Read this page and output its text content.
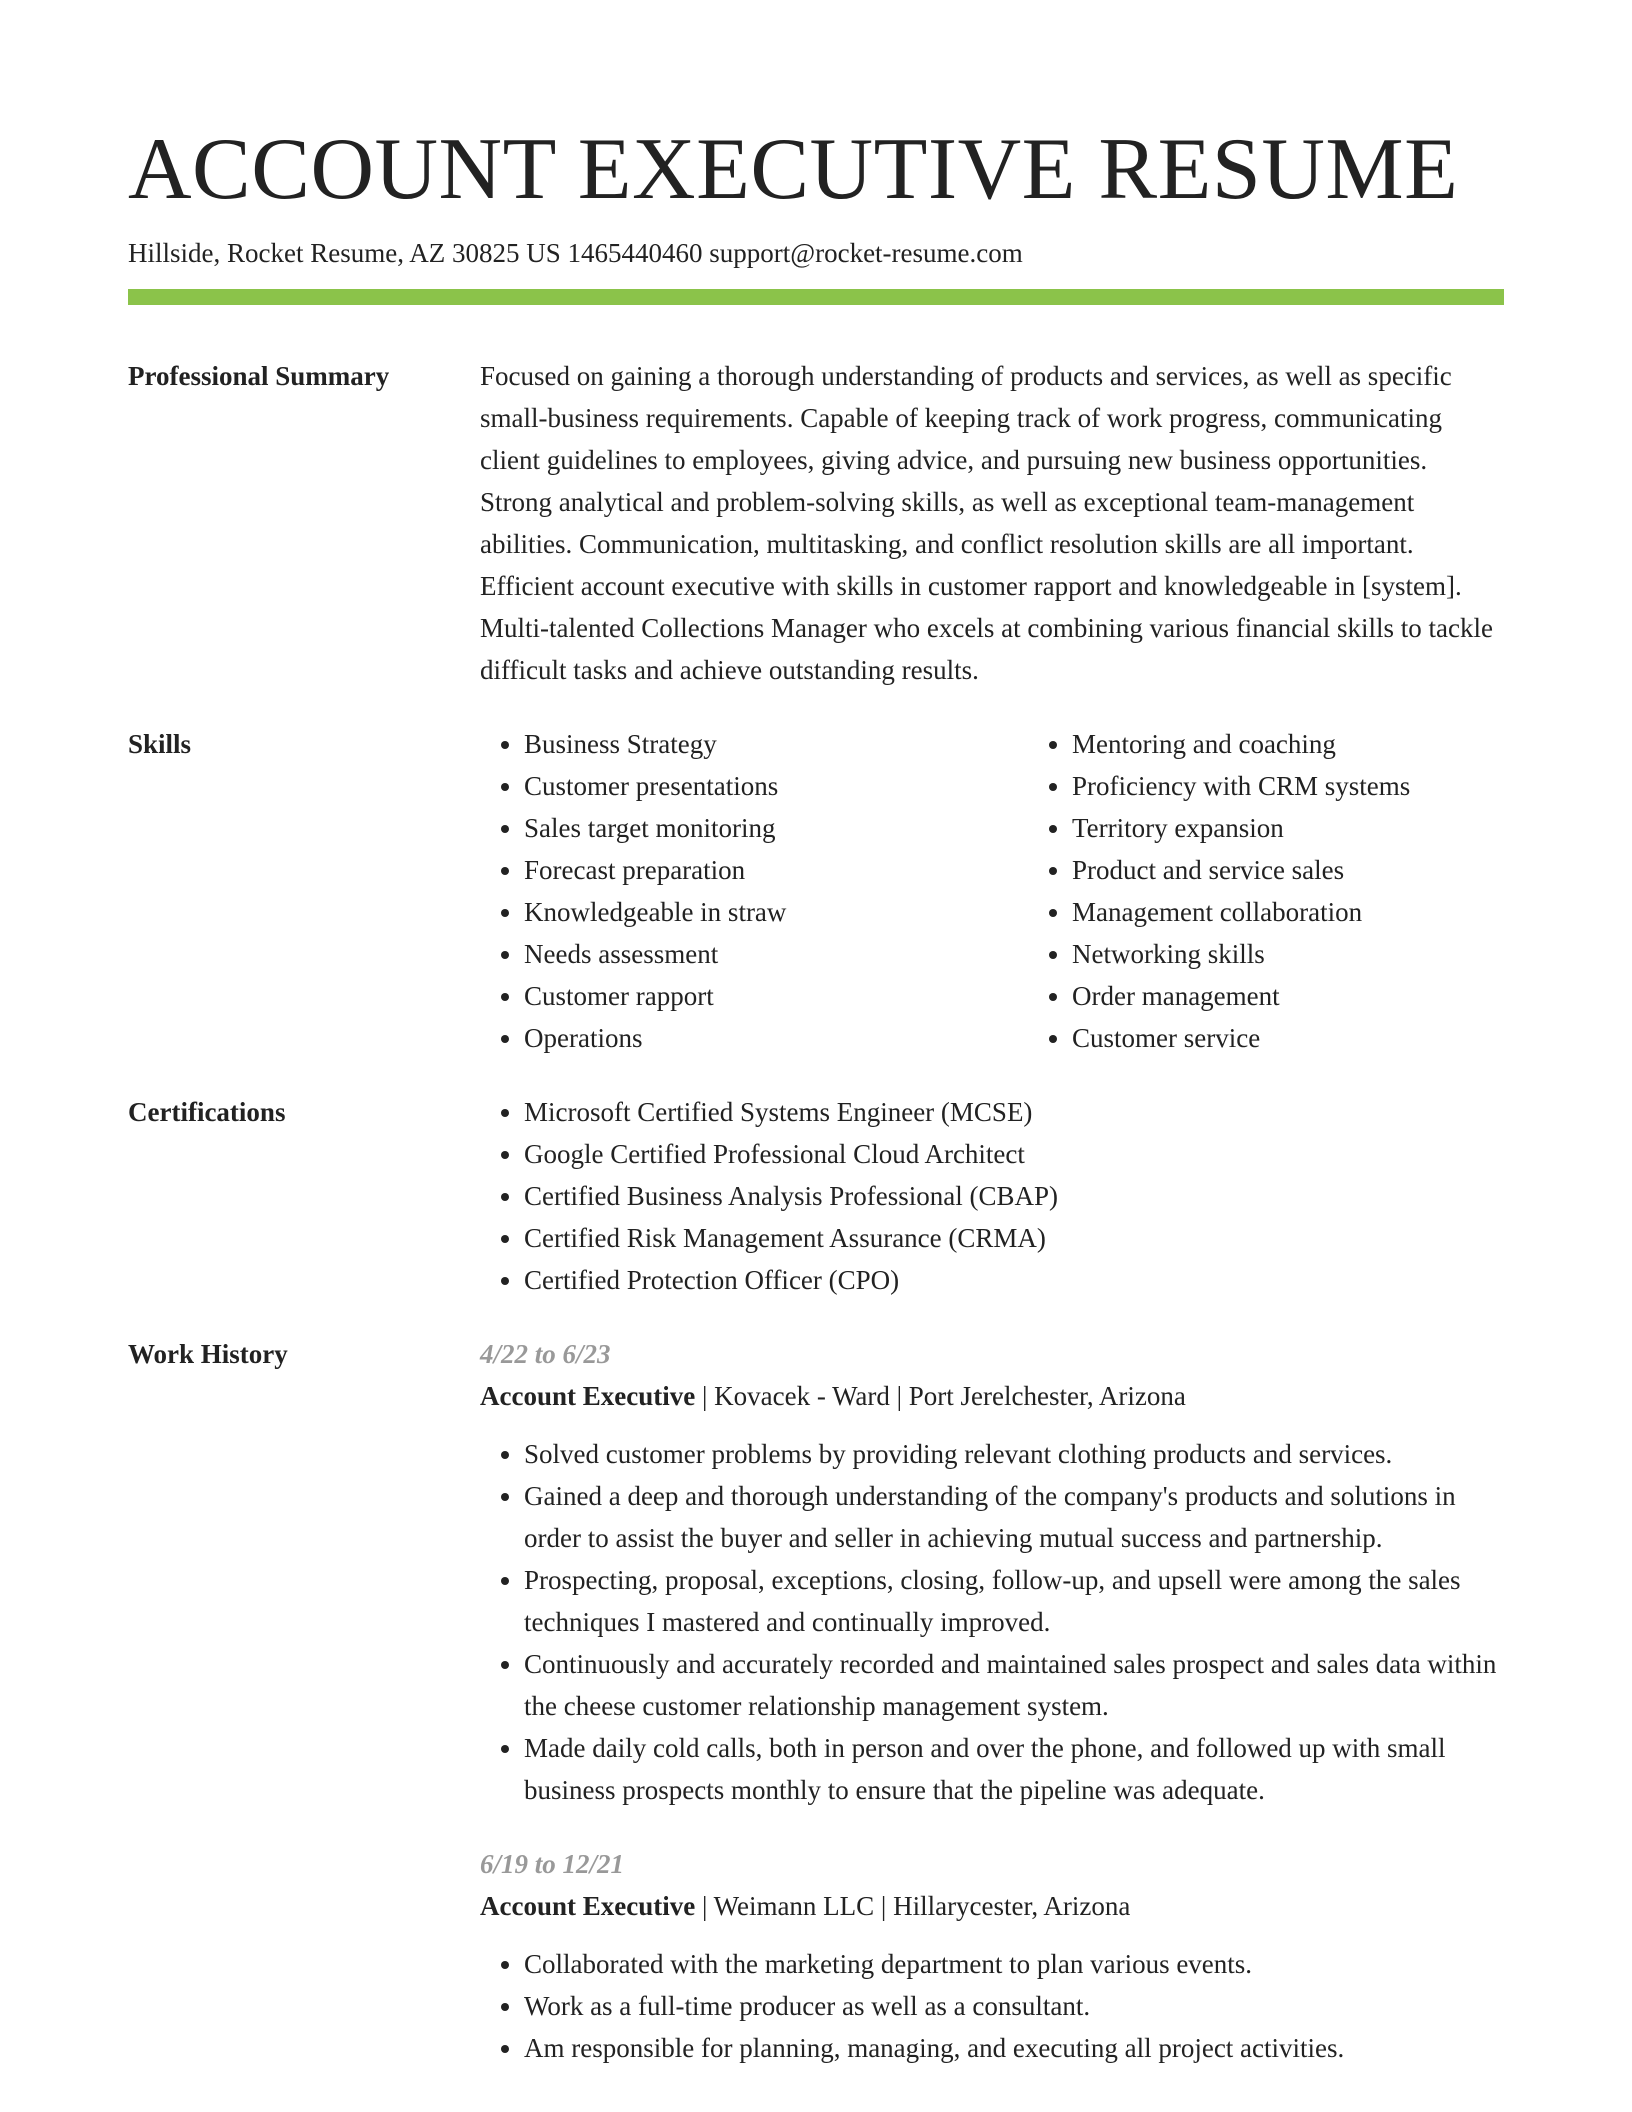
ACCOUNT EXECUTIVE RESUME
Hillside, Rocket Resume, AZ 30825 US 1465440460 support@rocket-resume.com
Professional Summary	Focused on gaining a thorough understanding of products and services, as well as specific small-business requirements. Capable of keeping track of work progress, communicating client guidelines to employees, giving advice, and pursuing new business opportunities. Strong analytical and problem-solving skills, as well as exceptional team-management abilities. Communication, multitasking, and conflict resolution skills are all important. Efficient account executive with skills in customer rapport and knowledgeable in [system]. Multi-talented Collections Manager who excels at combining various financial skills to tackle difficult tasks and achieve outstanding results.
Skills	• Business Strategy
• Customer presentations
• Sales target monitoring
• Forecast preparation
• Knowledgeable in straw
• Needs assessment
• Customer rapport
• Operations
• Mentoring and coaching
• Proficiency with CRM systems
• Territory expansion
• Product and service sales
• Management collaboration
• Networking skills
• Order management
• Customer service
Certifications	• Microsoft Certified Systems Engineer (MCSE)
• Google Certified Professional Cloud Architect
• Certified Business Analysis Professional (CBAP)
• Certified Risk Management Assurance (CRMA)
• Certified Protection Officer (CPO)
Work History	4/22 to 6/23
Account Executive | Kovacek - Ward | Port Jerelchester, Arizona
• Solved customer problems by providing relevant clothing products and services.
• Gained a deep and thorough understanding of the company's products and solutions in order to assist the buyer and seller in achieving mutual success and partnership.
• Prospecting, proposal, exceptions, closing, follow-up, and upsell were among the sales techniques I mastered and continually improved.
• Continuously and accurately recorded and maintained sales prospect and sales data within the cheese customer relationship management system.
• Made daily cold calls, both in person and over the phone, and followed up with small business prospects monthly to ensure that the pipeline was adequate.
6/19 to 12/21
Account Executive | Weimann LLC | Hillarycester, Arizona
• Collaborated with the marketing department to plan various events.
• Work as a full-time producer as well as a consultant.
• Am responsible for planning, managing, and executing all project activities.
